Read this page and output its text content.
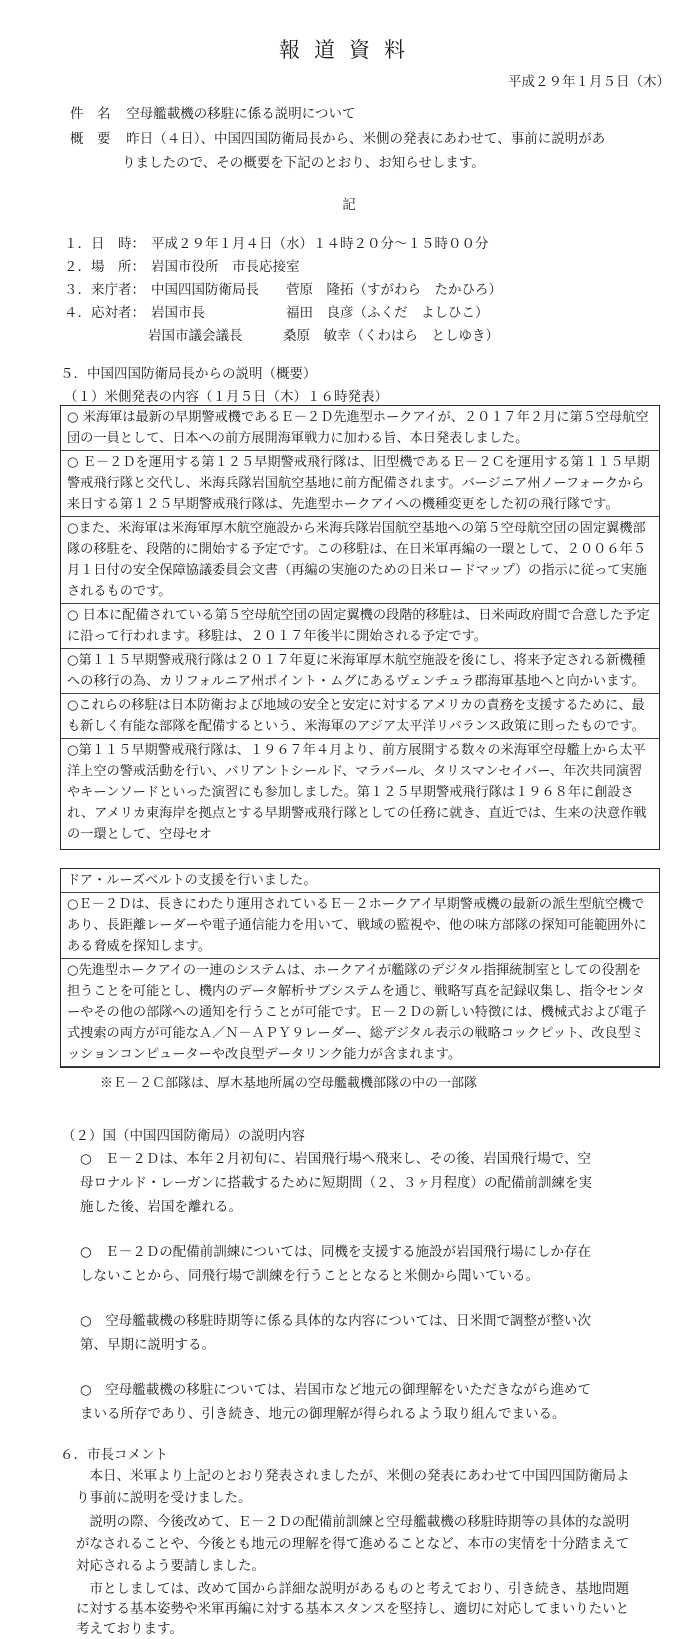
報道資料
平成２９年１月５日（木）
件　名 空母艦載機の移駐に係る説明について
概　要 昨日（４日）、中国四国防衛局長から、米側の発表にあわせて、事前に説明があ
りましたので、その概要を下記のとおり、お知らせします。
記
１．日　時： 平成２９年１月４日（水）１４時２０分～１５時００分
２．場　所： 岩国市役所　市長応接室
３．来庁者： 中国四国防衛局長 菅原　隆拓（すがわら　たかひろ）
４．応対者： 岩国市長	福田　良彦（ふくだ　よしひこ）
岩国市議会議長	桑原　敏幸（くわはら　としゆき）
５．中国四国防衛局長からの説明（概要）
（１）米側発表の内容（１月５日（木）１６時発表）
○ 米海軍は最新の早期警戒機であるＥ－２Ｄ先進型ホークアイが、２０１７年２月に第５空母航空団の一員として、日本への前方展開海軍戦力に加わる旨、本日発表しました。
○ Ｅ－２Ｄを運用する第１２５早期警戒飛行隊は、旧型機であるＥ－２Ｃを運用する第１１５早期警戒飛行隊と交代し、米海兵隊岩国航空基地に前方配備されます。バージニア州ノーフォークから来日する第１２５早期警戒飛行隊は、先進型ホークアイへの機種変更をした初の飛行隊です。
○また、米海軍は米海軍厚木航空施設から米海兵隊岩国航空基地への第５空母航空団の固定翼機部隊の移駐を、段階的に開始する予定です。この移駐は、在日米軍再編の一環として、２００６年５月１日付の安全保障協議委員会文書（再編の実施のための日米ロードマップ）の指示に従って実施されるものです。
○ 日本に配備されている第５空母航空団の固定翼機の段階的移駐は、日米両政府間で合意した予定に沿って行われます。移駐は、２０１７年後半に開始される予定です。
○第１１５早期警戒飛行隊は２０１７年夏に米海軍厚木航空施設を後にし、将来予定される新機種への移行の為、カリフォルニア州ポイント・ムグにあるヴェンチュラ郡海軍基地へと向かいます。
○これらの移駐は日本防衛および地域の安全と安定に対するアメリカの責務を支援するために、最も新しく有能な部隊を配備するという、米海軍のアジア太平洋リバランス政策に則ったものです。
○第１１５早期警戒飛行隊は、１９６７年４月より、前方展開する数々の米海軍空母艦上から太平洋上空の警戒活動を行い、バリアントシールド、マラバール、タリスマンセイバー、年次共同演習やキーンソードといった演習にも参加しました。第１２５早期警戒飛行隊は１９６８年に創設され、アメリカ東海岸を拠点とする早期警戒飛行隊としての任務に就き、直近では、生来の決意作戦の一環として、空母セオ
ドア・ルーズベルトの支援を行いました。
○Ｅ－２Ｄは、長きにわたり運用されているＥ－２ホークアイ早期警戒機の最新の派生型航空機であり、長距離レーダーや電子通信能力を用いて、戦域の監視や、他の味方部隊の探知可能範囲外にある脅威を探知します。
○先進型ホークアイの一連のシステムは、ホークアイが艦隊のデジタル指揮統制室としての役割を担うことを可能とし、機内のデータ解析サブシステムを通じ、戦略写真を記録収集し、指令センターやその他の部隊への通知を行うことが可能です。Ｅ－２Ｄの新しい特徴には、機械式および電子式捜索の両方が可能なＡ／Ｎ－ＡＰＹ９レーダー、総デジタル表示の戦略コックピット、改良型ミッションコンピューターや改良型データリンク能力が含まれます。
※Ｅ－２Ｃ部隊は、厚木基地所属の空母艦載機部隊の中の一部隊
（２）国（中国四国防衛局）の説明内容
○　Ｅ－２Ｄは、本年２月初旬に、岩国飛行場へ飛来し、その後、岩国飛行場で、空母ロナルド・レーガンに搭載するために短期間（２、３ヶ月程度）の配備前訓練を実施した後、岩国を離れる。
○　Ｅ－２Ｄの配備前訓練については、同機を支援する施設が岩国飛行場にしか存在しないことから、同飛行場で訓練を行うこととなると米側から聞いている。
○　空母艦載機の移駐時期等に係る具体的な内容については、日米間で調整が整い次第、早期に説明する。
○　空母艦載機の移駐については、岩国市など地元の御理解をいただきながら進めてまいる所存であり、引き続き、地元の御理解が得られるよう取り組んでまいる。
６．市長コメント
本日、米軍より上記のとおり発表されましたが、米側の発表にあわせて中国四国防衛局より事前に説明を受けました。
説明の際、今後改めて、Ｅ－２Ｄの配備前訓練と空母艦載機の移駐時期等の具体的な説明がなされることや、今後とも地元の理解を得て進めることなど、本市の実情を十分踏まえて対応されるよう要請しました。
市としましては、改めて国から詳細な説明があるものと考えており、引き続き、基地問題に対する基本姿勢や米軍再編に対する基本スタンスを堅持し、適切に対応してまいりたいと考えております。
